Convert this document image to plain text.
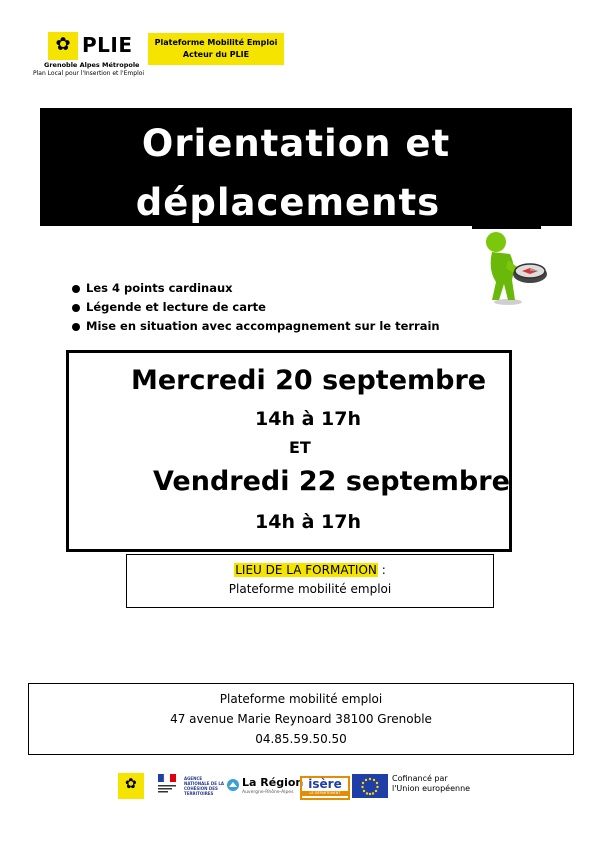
✿ PLIE
Grenoble Alpes Métropole
Plan Local pour l'Insertion et l'Emploi
Plateforme Mobilité Emploi
Acteur du PLIE
Orientation et
déplacements
Les 4 points cardinaux
Légende et lecture de carte
Mise en situation avec accompagnement sur le terrain
Mercredi 20 septembre
14h à 17h
ET
Vendredi 22 septembre
14h à 17h
LIEU DE LA FORMATION :
Plateforme mobilité emploi
Plateforme mobilité emploi
47 avenue Marie Reynoard 38100 Grenoble
04.85.59.50.50
✿	AGENCE NATIONALE DE LA COHÉSION DES TERRITOIRES
La Région
Auvergne-Rhône-Alpes
isère
LE DÉPARTEMENT
Cofinancé par
l'Union européenne
